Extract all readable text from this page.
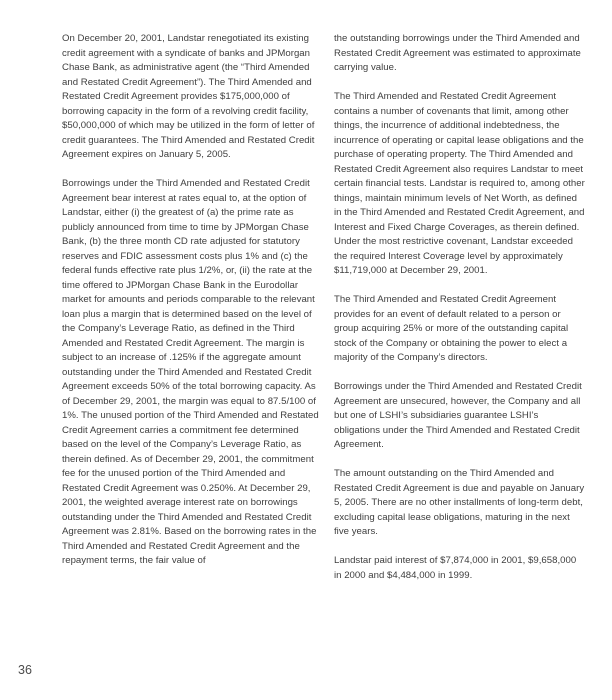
On December 20, 2001, Landstar renegotiated its existing credit agreement with a syndicate of banks and JPMorgan Chase Bank, as administrative agent (the “Third Amended and Restated Credit Agreement”). The Third Amended and Restated Credit Agreement provides $175,000,000 of borrowing capacity in the form of a revolving credit facility, $50,000,000 of which may be utilized in the form of letter of credit guarantees. The Third Amended and Restated Credit Agreement expires on January 5, 2005.

Borrowings under the Third Amended and Restated Credit Agreement bear interest at rates equal to, at the option of Landstar, either (i) the greatest of (a) the prime rate as publicly announced from time to time by JPMorgan Chase Bank, (b) the three month CD rate adjusted for statutory reserves and FDIC assessment costs plus 1% and (c) the federal funds effective rate plus 1/2%, or, (ii) the rate at the time offered to JPMorgan Chase Bank in the Eurodollar market for amounts and periods comparable to the relevant loan plus a margin that is determined based on the level of the Company’s Leverage Ratio, as defined in the Third Amended and Restated Credit Agreement. The margin is subject to an increase of .125% if the aggregate amount outstanding under the Third Amended and Restated Credit Agreement exceeds 50% of the total borrowing capacity. As of December 29, 2001, the margin was equal to 87.5/100 of 1%. The unused portion of the Third Amended and Restated Credit Agreement carries a commitment fee determined based on the level of the Company’s Leverage Ratio, as therein defined. As of December 29, 2001, the commitment fee for the unused portion of the Third Amended and Restated Credit Agreement was 0.250%. At December 29, 2001, the weighted average interest rate on borrowings outstanding under the Third Amended and Restated Credit Agreement was 2.81%. Based on the borrowing rates in the Third Amended and Restated Credit Agreement and the repayment terms, the fair value of

the outstanding borrowings under the Third Amended and Restated Credit Agreement was estimated to approximate carrying value.

The Third Amended and Restated Credit Agreement contains a number of covenants that limit, among other things, the incurrence of additional indebtedness, the incurrence of operating or capital lease obligations and the purchase of operating property. The Third Amended and Restated Credit Agreement also requires Landstar to meet certain financial tests. Landstar is required to, among other things, maintain minimum levels of Net Worth, as defined in the Third Amended and Restated Credit Agreement, and Interest and Fixed Charge Coverages, as therein defined. Under the most restrictive covenant, Landstar exceeded the required Interest Coverage level by approximately $11,719,000 at December 29, 2001.

The Third Amended and Restated Credit Agreement provides for an event of default related to a person or group acquiring 25% or more of the outstanding capital stock of the Company or obtaining the power to elect a majority of the Company’s directors.

Borrowings under the Third Amended and Restated Credit Agreement are unsecured, however, the Company and all but one of LSHI’s subsidiaries guarantee LSHI’s obligations under the Third Amended and Restated Credit Agreement.

The amount outstanding on the Third Amended and Restated Credit Agreement is due and payable on January 5, 2005. There are no other installments of long-term debt, excluding capital lease obligations, maturing in the next five years.

Landstar paid interest of $7,874,000 in 2001, $9,658,000 in 2000 and $4,484,000 in 1999.

36
